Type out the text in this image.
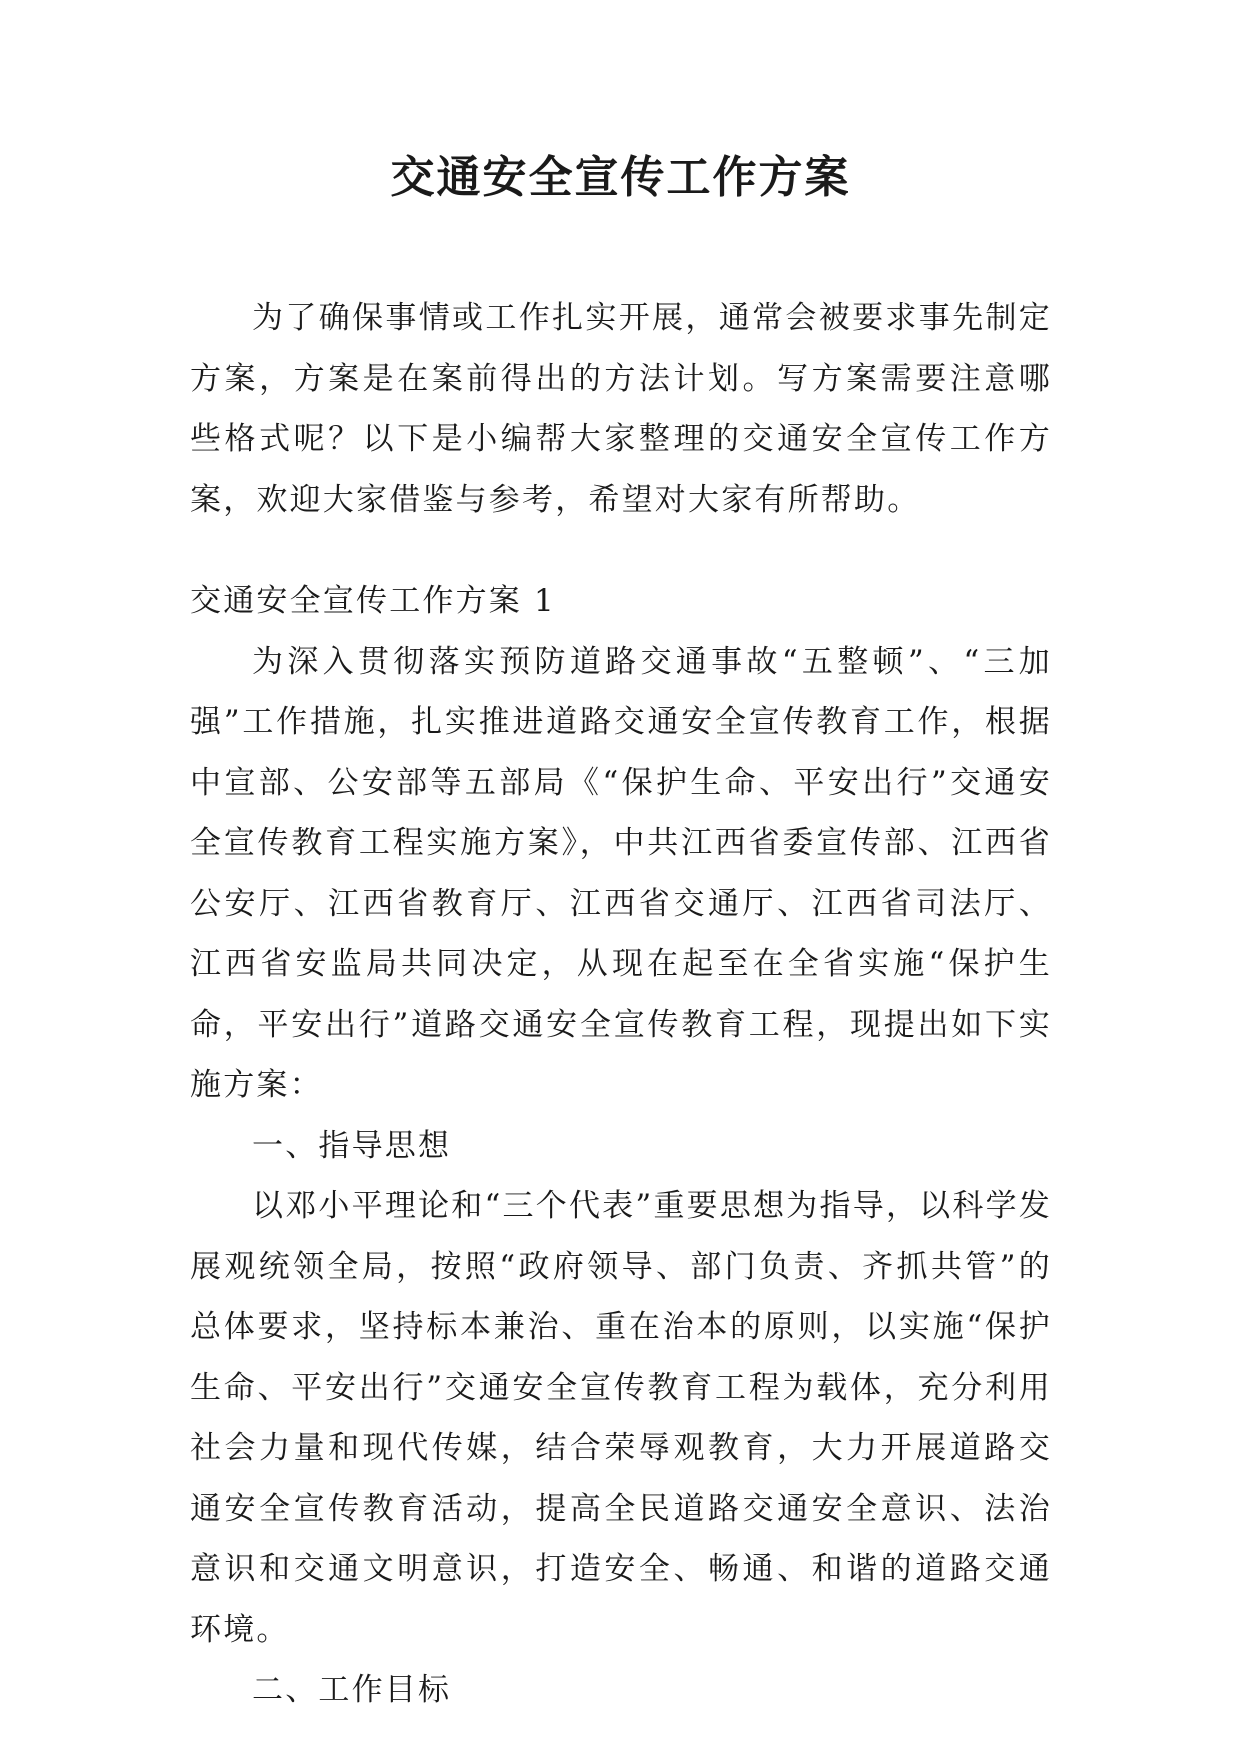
交通安全宣传工作方案

为了确保事情或工作扎实开展，通常会被要求事先制定方案，方案是在案前得出的方法计划。写方案需要注意哪些格式呢？以下是小编帮大家整理的交通安全宣传工作方案，欢迎大家借鉴与参考，希望对大家有所帮助。

交通安全宣传工作方案 1

为深入贯彻落实预防道路交通事故“五整顿”、“三加强”工作措施，扎实推进道路交通安全宣传教育工作，根据中宣部、公安部等五部局《“保护生命、平安出行”交通安全宣传教育工程实施方案》，中共江西省委宣传部、江西省公安厅、江西省教育厅、江西省交通厅、江西省司法厅、江西省安监局共同决定，从现在起至在全省实施“保护生命，平安出行”道路交通安全宣传教育工程，现提出如下实施方案：

一、指导思想

以邓小平理论和“三个代表”重要思想为指导，以科学发展观统领全局，按照“政府领导、部门负责、齐抓共管”的总体要求，坚持标本兼治、重在治本的原则，以实施“保护生命、平安出行”交通安全宣传教育工程为载体，充分利用社会力量和现代传媒，结合荣辱观教育，大力开展道路交通安全宣传教育活动，提高全民道路交通安全意识、法治意识和交通文明意识，打造安全、畅通、和谐的道路交通环境。

二、工作目标
